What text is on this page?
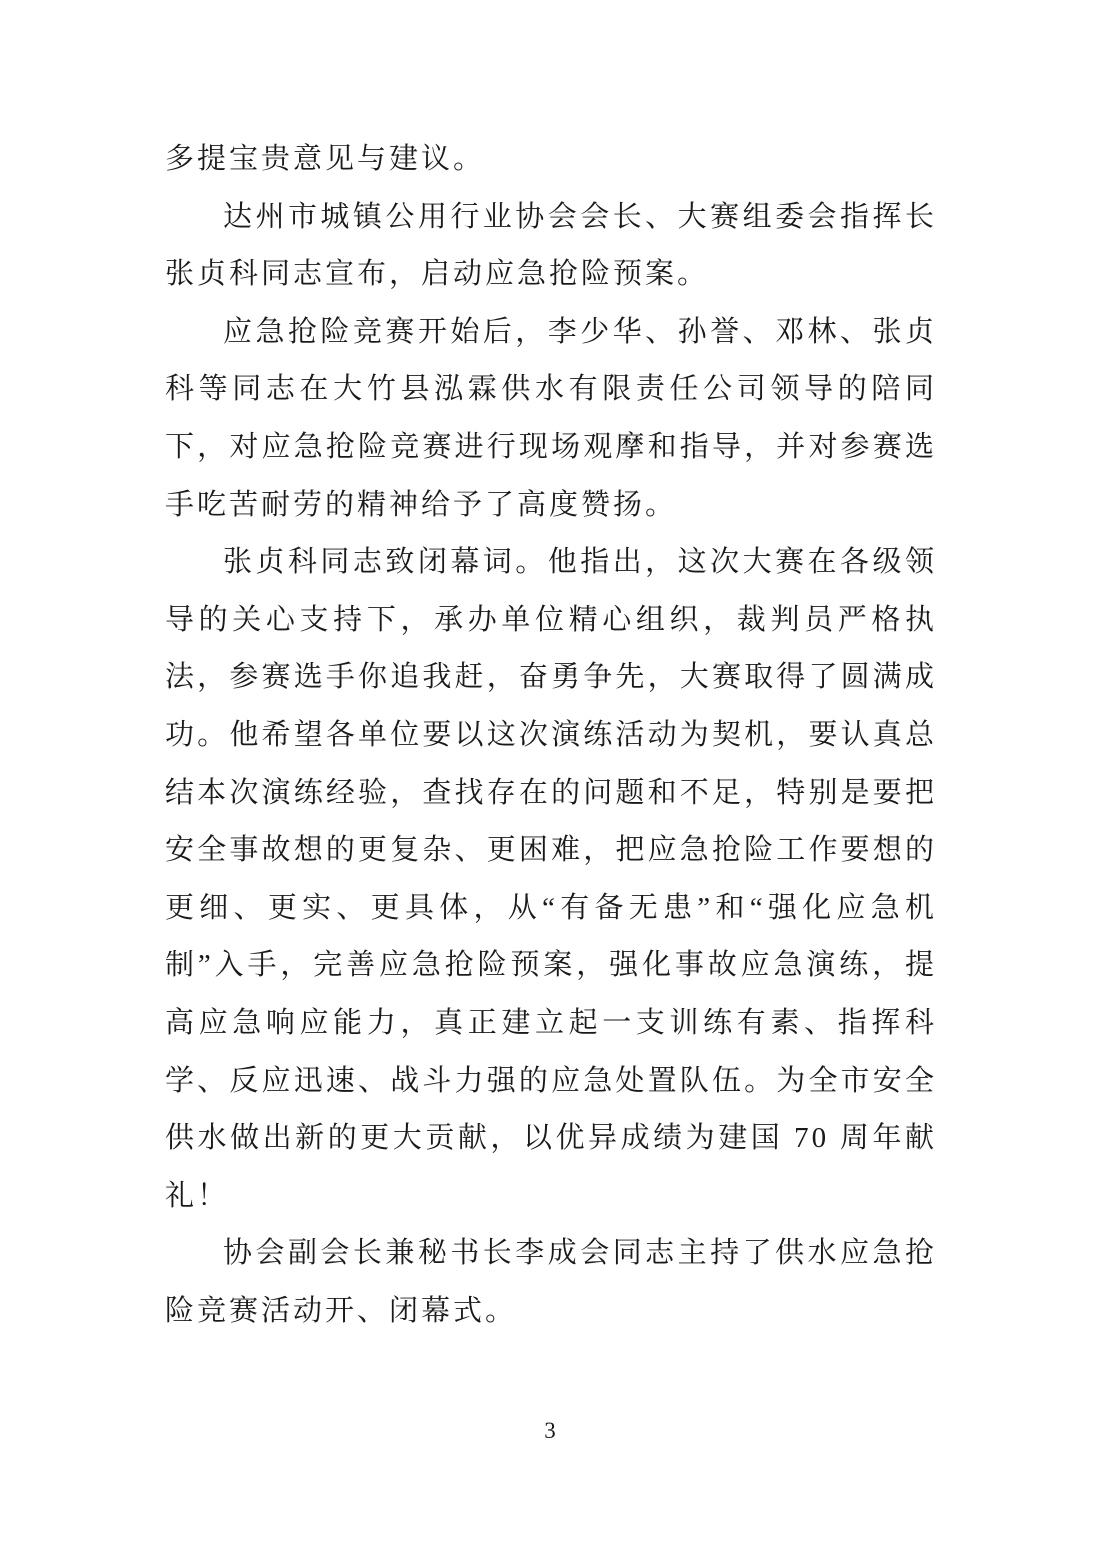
多提宝贵意见与建议。

达州市城镇公用行业协会会长、大赛组委会指挥长张贞科同志宣布，启动应急抢险预案。

应急抢险竞赛开始后，李少华、孙誉、邓林、张贞科等同志在大竹县泓霖供水有限责任公司领导的陪同下，对应急抢险竞赛进行现场观摩和指导，并对参赛选手吃苦耐劳的精神给予了高度赞扬。

张贞科同志致闭幕词。他指出，这次大赛在各级领导的关心支持下，承办单位精心组织，裁判员严格执法，参赛选手你追我赶，奋勇争先，大赛取得了圆满成功。他希望各单位要以这次演练活动为契机，要认真总结本次演练经验，查找存在的问题和不足，特别是要把安全事故想的更复杂、更困难，把应急抢险工作要想的更细、更实、更具体，从“有备无患”和“强化应急机制”入手，完善应急抢险预案，强化事故应急演练，提高应急响应能力，真正建立起一支训练有素、指挥科学、反应迅速、战斗力强的应急处置队伍。为全市安全供水做出新的更大贡献，以优异成绩为建国 70 周年献礼！

协会副会长兼秘书长李成会同志主持了供水应急抢险竞赛活动开、闭幕式。

3
